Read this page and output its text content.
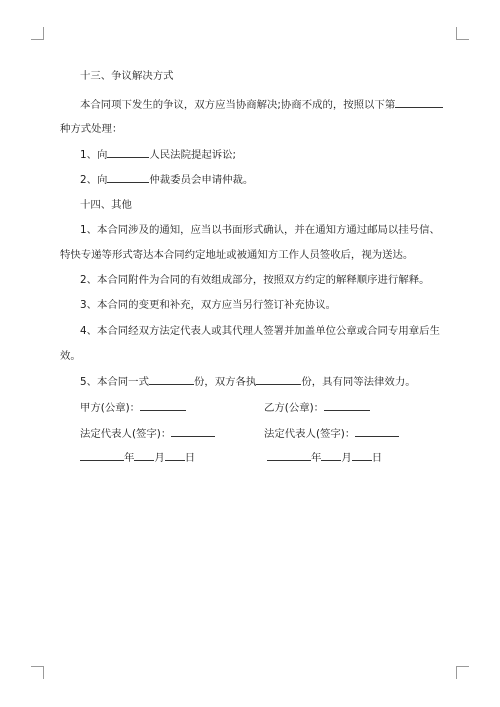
十三、争议解决方式
本合同项下发生的争议，双方应当协商解决;协商不成的，按照以下第
种方式处理：
1、向	人民法院提起诉讼;
2、向	仲裁委员会申请仲裁。
十四、其他
1、本合同涉及的通知，应当以书面形式确认，并在通知方通过邮局以挂号信、
特快专递等形式寄达本合同约定地址或被通知方工作人员签收后，视为送达。
2、本合同附件为合同的有效组成部分，按照双方约定的解释顺序进行解释。
3、本合同的变更和补充，双方应当另行签订补充协议。
4、本合同经双方法定代表人或其代理人签署并加盖单位公章或合同专用章后生
效。
5、本合同一式	份，双方各执	份，具有同等法律效力。
甲方(公章)：	乙方(公章)：
法定代表人(签字)：	法定代表人(签字)：
年 月 日	年 月 日
